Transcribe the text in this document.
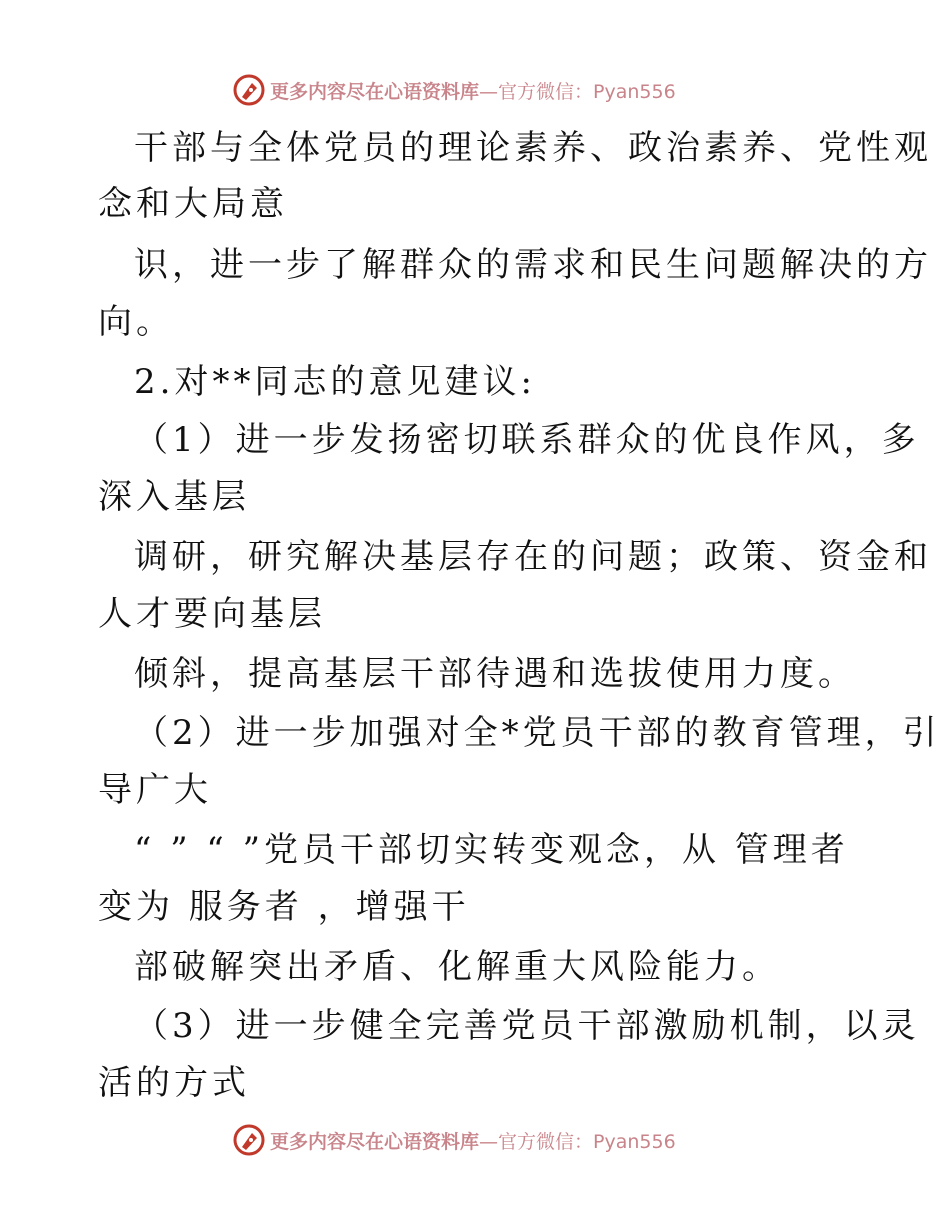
更多内容尽在心语资料库 —官方微信：Pyan556
干部与全体党员的理论素养、政治素养、党性观
念和大局意
识，进一步了解群众的需求和民生问题解决的方
向。
2.对**同志的意见建议:
（1）进一步发扬密切联系群众的优良作风，多
深入基层
调研，研究解决基层存在的问题；政策、资金和
人才要向基层
倾斜，提高基层干部待遇和选拔使用力度。
（2）进一步加强对全*党员干部的教育管理，引
导广大
“ ” “ ”党员干部切实转变观念，从 管理者
变为 服务者 ，增强干
部破解突出矛盾、化解重大风险能力。
（3）进一步健全完善党员干部激励机制，以灵
活的方式
更多内容尽在心语资料库 —官方微信：Pyan556
